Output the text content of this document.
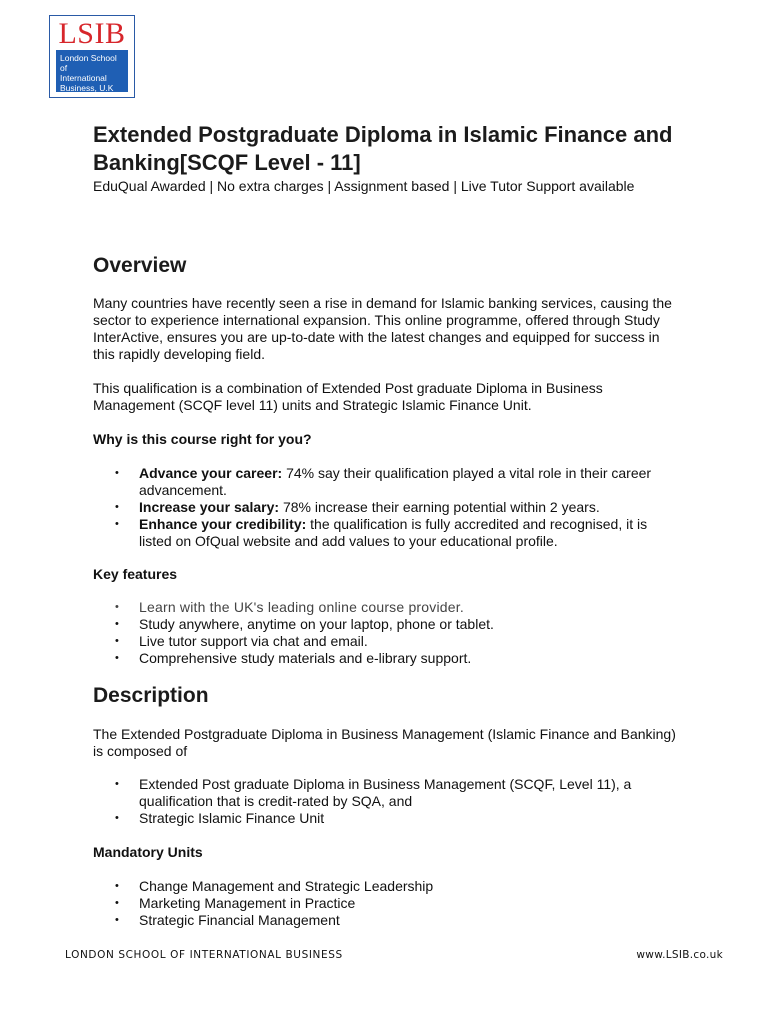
LSIB
London School of
International
Business, U.K
Extended Postgraduate Diploma in Islamic Finance and Banking[SCQF Level - 11]

EduQual Awarded | No extra charges | Assignment based | Live Tutor Support available

Overview

Many countries have recently seen a rise in demand for Islamic banking services, causing the sector to experience international expansion. This online programme, offered through Study InterActive, ensures you are up-to-date with the latest changes and equipped for success in this rapidly developing field.

This qualification is a combination of Extended Post graduate Diploma in Business Management (SCQF level 11) units and Strategic Islamic Finance Unit.

Why is this course right for you?

• Advance your career: 74% say their qualification played a vital role in their career advancement.
• Increase your salary: 78% increase their earning potential within 2 years.
• Enhance your credibility: the qualification is fully accredited and recognised, it is listed on OfQual website and add values to your educational profile.

Key features

• Learn with the UK's leading online course provider.
• Study anywhere, anytime on your laptop, phone or tablet.
• Live tutor support via chat and email.
• Comprehensive study materials and e-library support.
Description

The Extended Postgraduate Diploma in Business Management (Islamic Finance and Banking) is composed of

• Extended Post graduate Diploma in Business Management (SCQF, Level 11), a qualification that is credit-rated by SQA, and
• Strategic Islamic Finance Unit

Mandatory Units

• Change Management and Strategic Leadership
• Marketing Management in Practice
• Strategic Financial Management
LONDON SCHOOL OF INTERNATIONAL BUSINESS	www.LSIB.co.uk
